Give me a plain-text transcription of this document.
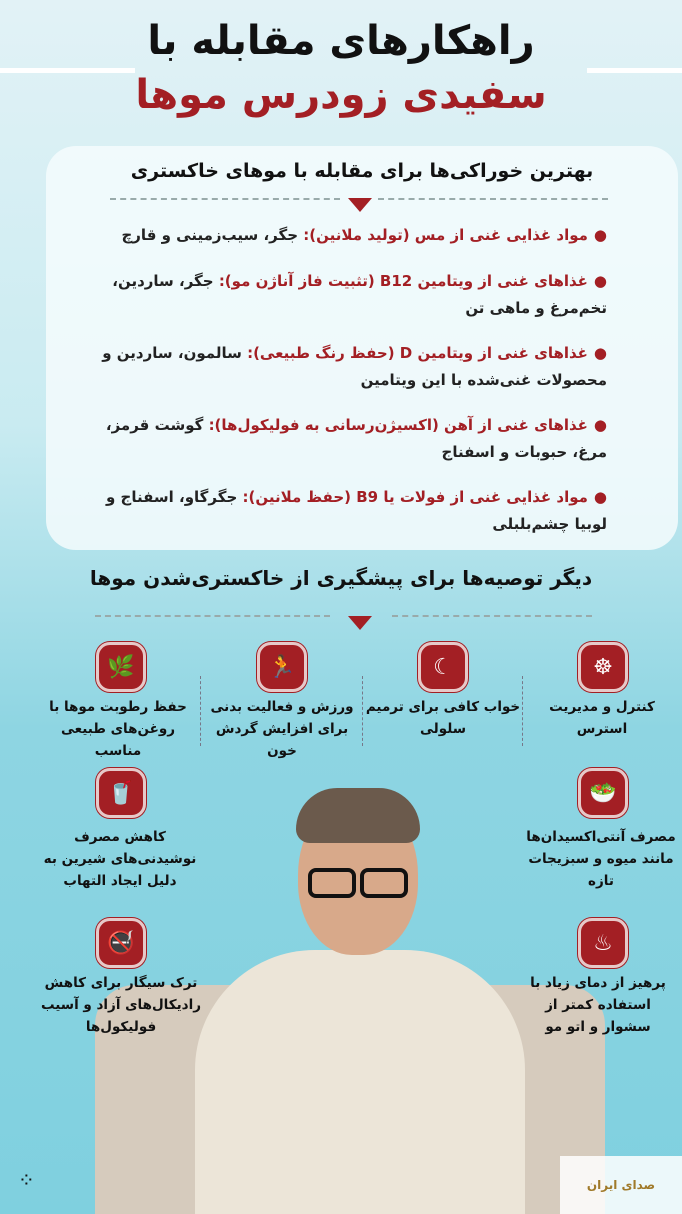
راهکارهای مقابله با
سفیدی زودرس موها
بهترین خوراکی‌ها برای مقابله با موهای خاکستری
●مواد غذایی غنی از مس (تولید ملانین): جگر، سیب‌زمینی و قارچ
●غذاهای غنی از ویتامین B12 (تثبیت فاز آناژن مو): جگر، ساردین، تخم‌مرغ و ماهی تن
●غذاهای غنی از ویتامین D (حفظ رنگ طبیعی): سالمون، ساردین و محصولات غنی‌شده با این ویتامین
●غذاهای غنی از آهن (اکسیژن‌رسانی به فولیکول‌ها): گوشت قرمز، مرغ، حبوبات و اسفناج
●مواد غذایی غنی از فولات یا B9 (حفظ ملانین): جگرگاو، اسفناج و لوبیا چشم‌بلبلی
دیگر توصیه‌ها برای پیشگیری از خاکستری‌شدن موها
☸
کنترل و مدیریت استرس
☾
خواب کافی برای ترمیم سلولی
🏃
ورزش و فعالیت بدنی برای افزایش گردش خون
🌿
حفظ رطوبت موها با روغن‌های طبیعی مناسب
🥗
مصرف آنتی‌اکسیدان‌ها مانند میوه و سبزیجات تازه
🥤
کاهش مصرف نوشیدنی‌های شیرین به دلیل ایجاد التهاب
♨
پرهیز از دمای زیاد با استفاده کمتر از سشوار و اتو مو
🚭
ترک سیگار برای کاهش رادیکال‌های آزاد و آسیب فولیکول‌ها
⁘	صدای ایران
